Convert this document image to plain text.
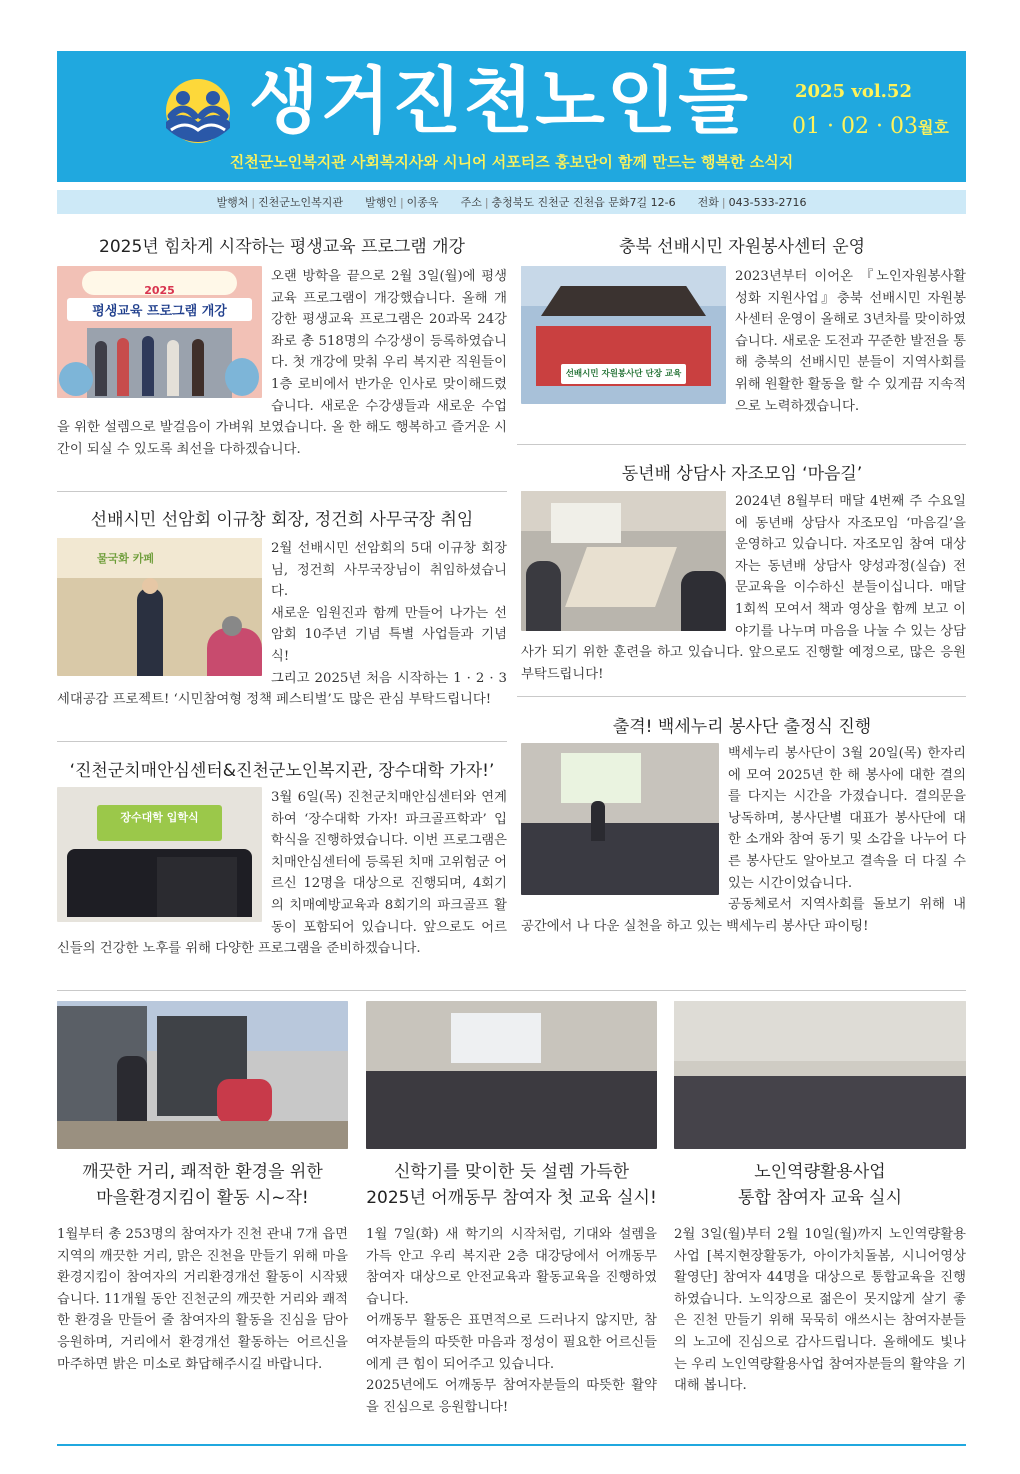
생거진천노인들	2025 vol.52
01 · 02 · 03월호
진천군노인복지관 사회복지사와 시니어 서포터즈 홍보단이 함께 만드는 행복한 소식지
발행처 | 진천군노인복지관 발행인 | 이종욱 주소 | 충청북도 진천군 진천읍 문화7길 12-6 전화 | 043-533-2716
2025년 힘차게 시작하는 평생교육 프로그램 개강
2025
평생교육 프로그램 개강
오랜 방학을 끝으로 2월 3일(월)에 평생교육 프로그램이 개강했습니다. 올해 개강한 평생교육 프로그램은 20과목 24강좌로 총 518명의 수강생이 등록하였습니다. 첫 개강에 맞춰 우리 복지관 직원들이 1층 로비에서 반가운 인사로 맞이해드렸습니다. 새로운 수강생들과 새로운 수업을 위한 설렘으로 발걸음이 가벼워 보였습니다. 올 한 해도 행복하고 즐거운 시간이 되실 수 있도록 최선을 다하겠습니다.
선배시민 선암회 이규창 회장, 정건희 사무국장 취임
물국화 카페

2월 선배시민 선암회의 5대 이규창 회장님, 정건희 사무국장님이 취임하셨습니다.

새로운 임원진과 함께 만들어 나가는 선암회 10주년 기념 특별 사업들과 기념식!

그리고 2025년 처음 시작하는 1 · 2 · 3세대공감 프로젝트! ‘시민참여형 정책 페스티벌’도 많은 관심 부탁드립니다!

‘진천군치매안심센터&진천군노인복지관, 장수대학 가자!’
장수대학 입학식
3월 6일(목) 진천군치매안심센터와 연계하여 ‘장수대학 가자! 파크골프학과’ 입학식을 진행하였습니다. 이번 프로그램은 치매안심센터에 등록된 치매 고위험군 어르신 12명을 대상으로 진행되며, 4회기의 치매예방교육과 8회기의 파크골프 활동이 포함되어 있습니다. 앞으로도 어르신들의 건강한 노후를 위해 다양한 프로그램을 준비하겠습니다.
충북 선배시민 자원봉사센터 운영
선배시민 자원봉사단 단장 교육
2023년부터 이어온 『노인자원봉사활성화 지원사업』충북 선배시민 자원봉사센터 운영이 올해로 3년차를 맞이하였습니다. 새로운 도전과 꾸준한 발전을 통해 충북의 선배시민 분들이 지역사회를 위해 원활한 활동을 할 수 있게끔 지속적으로 노력하겠습니다.
동년배 상담사 자조모임 ‘마음길’
2024년 8월부터 매달 4번째 주 수요일에 동년배 상담사 자조모임 ‘마음길’을 운영하고 있습니다. 자조모임 참여 대상자는 동년배 상담사 양성과정(실습) 전문교육을 이수하신 분들이십니다. 매달 1회씩 모여서 책과 영상을 함께 보고 이야기를 나누며 마음을 나눌 수 있는 상담사가 되기 위한 훈련을 하고 있습니다. 앞으로도 진행할 예정으로, 많은 응원 부탁드립니다!
출격! 백세누리 봉사단 출정식 진행

백세누리 봉사단이 3월 20일(목) 한자리에 모여 2025년 한 해 봉사에 대한 결의를 다지는 시간을 가졌습니다. 결의문을 낭독하며, 봉사단별 대표가 봉사단에 대한 소개와 참여 동기 및 소감을 나누어 다른 봉사단도 알아보고 결속을 더 다질 수 있는 시간이었습니다.

공동체로서 지역사회를 돌보기 위해 내 공간에서 나 다운 실천을 하고 있는 백세누리 봉사단 파이팅!

깨끗한 거리, 쾌적한 환경을 위한
마을환경지킴이 활동 시~작!
신학기를 맞이한 듯 설렘 가득한
2025년 어깨동무 참여자 첫 교육 실시!
노인역량활용사업
통합 참여자 교육 실시
1월부터 총 253명의 참여자가 진천 관내 7개 읍면 지역의 깨끗한 거리, 맑은 진천을 만들기 위해 마을환경지킴이 참여자의 거리환경개선 활동이 시작됐습니다. 11개월 동안 진천군의 깨끗한 거리와 쾌적한 환경을 만들어 줄 참여자의 활동을 진심을 담아 응원하며, 거리에서 환경개선 활동하는 어르신을 마주하면 밝은 미소로 화답해주시길 바랍니다.

1월 7일(화) 새 학기의 시작처럼, 기대와 설렘을 가득 안고 우리 복지관 2층 대강당에서 어깨동무 참여자 대상으로 안전교육과 활동교육을 진행하였습니다.

어깨동무 활동은 표면적으로 드러나지 않지만, 참여자분들의 따뜻한 마음과 정성이 필요한 어르신들에게 큰 힘이 되어주고 있습니다.

2025년에도 어깨동무 참여자분들의 따뜻한 활약을 진심으로 응원합니다!

2월 3일(월)부터 2월 10일(월)까지 노인역량활용사업 [복지현장활동가, 아이가치돌봄, 시니어영상활영단] 참여자 44명을 대상으로 통합교육을 진행하였습니다. 노익장으로 젊은이 못지않게 살기 좋은 진천 만들기 위해 묵묵히 애쓰시는 참여자분들의 노고에 진심으로 감사드립니다. 올해에도 빛나는 우리 노인역량활용사업 참여자분들의 활약을 기대해 봅니다.
